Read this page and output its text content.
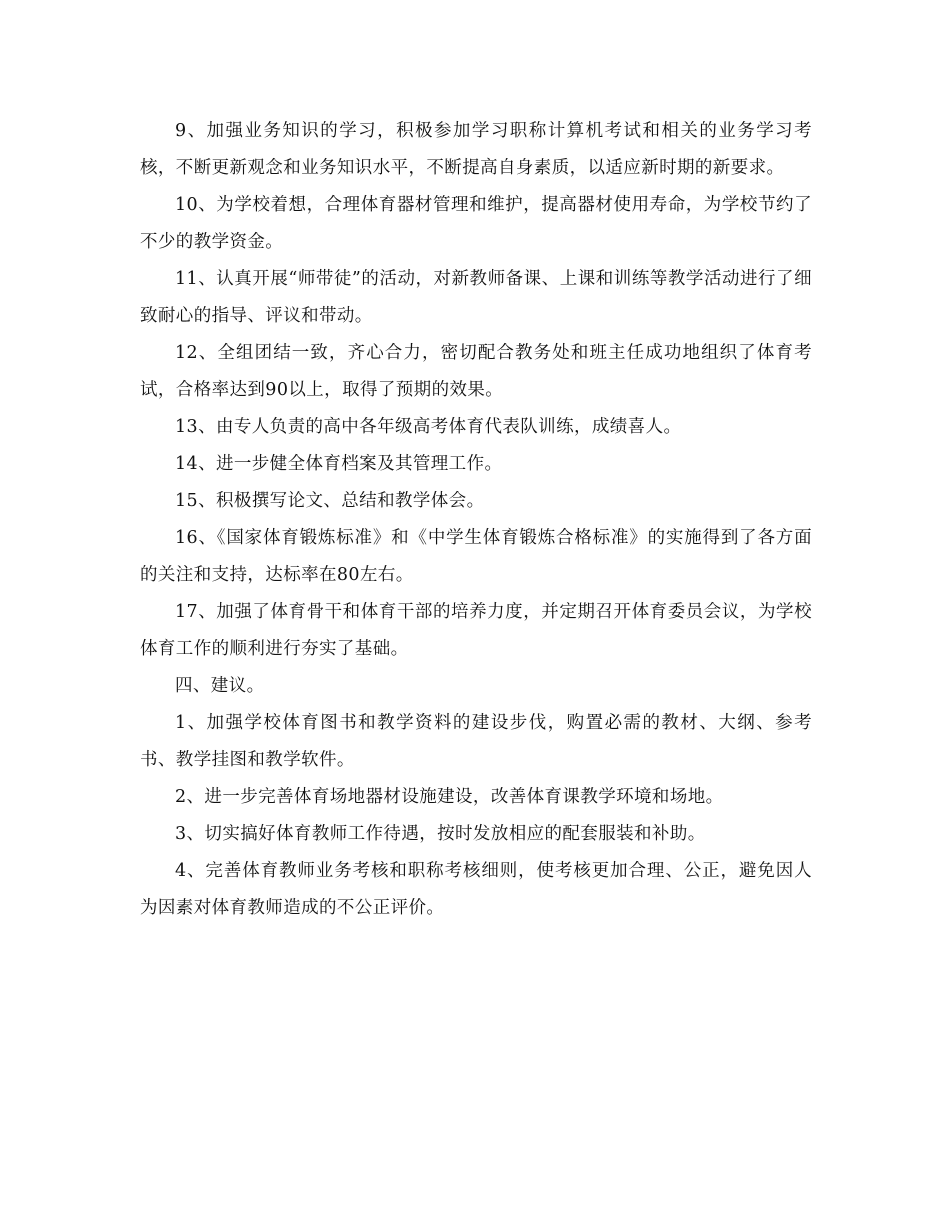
9、加强业务知识的学习，积极参加学习职称计算机考试和相关的业务学习考核，不断更新观念和业务知识水平，不断提高自身素质，以适应新时期的新要求。

10、为学校着想，合理体育器材管理和维护，提高器材使用寿命，为学校节约了不少的教学资金。

11、认真开展“师带徒”的活动，对新教师备课、上课和训练等教学活动进行了细致耐心的指导、评议和带动。

12、全组团结一致，齐心合力，密切配合教务处和班主任成功地组织了体育考试，合格率达到90以上，取得了预期的效果。

13、由专人负责的高中各年级高考体育代表队训练，成绩喜人。

14、进一步健全体育档案及其管理工作。

15、积极撰写论文、总结和教学体会。

16、《国家体育锻炼标准》和《中学生体育锻炼合格标准》的实施得到了各方面的关注和支持，达标率在80左右。

17、加强了体育骨干和体育干部的培养力度，并定期召开体育委员会议，为学校体育工作的顺利进行夯实了基础。

四、建议。

1、加强学校体育图书和教学资料的建设步伐，购置必需的教材、大纲、参考书、教学挂图和教学软件。

2、进一步完善体育场地器材设施建设，改善体育课教学环境和场地。

3、切实搞好体育教师工作待遇，按时发放相应的配套服装和补助。

4、完善体育教师业务考核和职称考核细则，使考核更加合理、公正，避免因人为因素对体育教师造成的不公正评价。
